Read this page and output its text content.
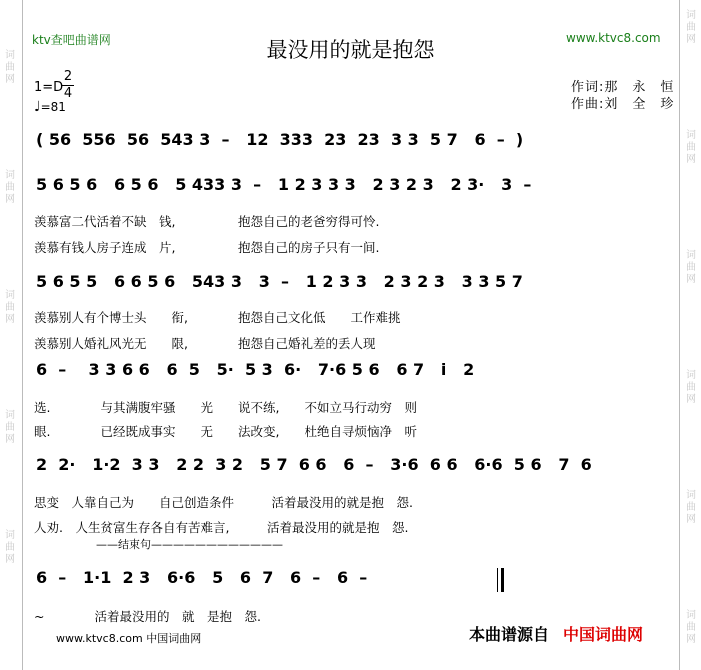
词
曲
网
词
曲
网
词
曲
网
词
曲
网
词
曲
网
词
曲
网
词
曲
网
词
曲
网
词
曲
网
词
曲
网
词
曲
网
ktv查吧曲谱网	www.ktvc8.com
最没用的就是抱怨
1=D
2
4
♩=81
作词:那　永　恒
作曲:刘　全　珍
( 56  556  56  543 3  –   12  333  23  23  3 3  5 7   6  –  )
5 6 5 6   6 5 6   5 433 3  –   1 2 3 3 3   2 3 2 3   2 3·   3  –
羡慕富二代活着不缺　钱,　　　　　抱怨自己的老爸穷得可怜.
羡慕有钱人房子连成　片,　　　　　抱怨自己的房子只有一间.
5 6 5 5   6 6 5 6   543 3   3  –   1 2 3 3   2 3 2 3   3 3 5 7
羡慕别人有个博士头　　衔,　　　　抱怨自己文化低　　工作难挑
羡慕别人婚礼风光无　　限,　　　　抱怨自己婚礼差的丢人现
6  –    3 3 6 6   6  5   5·  5 3  6·   7·6 5 6   6 7   i   2
选.　　　　与其满腹牢骚　　光　　说不练,　　不如立马行动穷　则
眼.　　　　已经既成事实　　无　　法改变,　　杜绝自寻烦恼净　听
2  2·   1·2  3 3   2 2  3 2   5 7  6 6   6  –   3·6  6 6   6·6  5 6   7  6
思变　人靠自己为　　自己创造条件　　　活着最没用的就是抱　怨.
人劝.　人生贫富生存各自有苦难言,　　　活着最没用的就是抱　怨.
——结束句————————————
6  –   1·1  2 3   6·6   5   6  7   6  –   6  –
~　　　　活着最没用的　就　是抱　怨.
www.ktvc8.com 中国词曲网	本曲谱源自 中国词曲网
